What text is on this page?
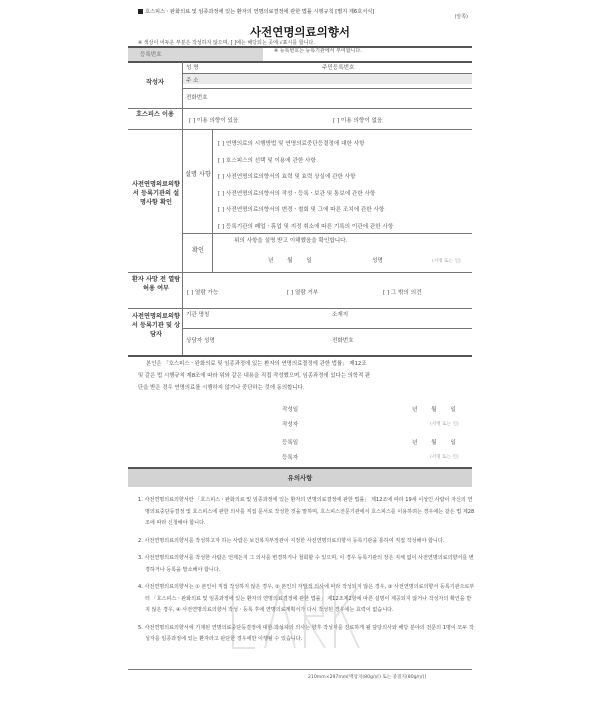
호스피스ㆍ완화의료 및 임종과정에 있는 환자의 연명의료결정에 관한 법률 시행규칙 [별지 제6호서식]
(앞쪽)
사전연명의료의향서
※ 색상이 어두운 부분은 작성하지 않으며, [ ]에는 해당되는 곳에 √표시를 합니다.
※ 등록번호는 등록기관에서 부여합니다.
등록번호
작성자
성 명	주민등록번호
주 소
전화번호
호스피스 이용
[ ] 이용 의향이 있음	[ ] 이용 의향이 없음
사전연명의료의향서 등록기관의 설명사항 확인
설명 사항
[ ] 연명의료의 시행방법 및 연명의료중단등결정에 대한 사항
[ ] 호스피스의 선택 및 이용에 관한 사항
[ ] 사전연명의료의향서의 효력 및 효력 상실에 관한 사항
[ ] 사전연명의료의향서의 작성ㆍ등록ㆍ보관 및 통보에 관한 사항
[ ] 사전연명의료의향서의 변경ㆍ철회 및 그에 따른 조치에 관한 사항
[ ] 등록기관의 폐업ㆍ휴업 및 지정 취소에 따른 기록의 이관에 관한 사항
확인
위의 사항을 설명 받고 이해했음을 확인합니다.
년 월 일	성명	(서명 또는 인)
환자 사망 전 열람허용 여부
[ ] 열람 가능	[ ] 열람 거부	[ ] 그 밖의 의견
사전연명의료의향서 등록기관 및 상담자
기관 명칭	소재지
상담자 성명	전화번호
본인은 「호스피스ㆍ완화의료 및 임종과정에 있는 환자의 연명의료결정에 관한 법률」 제12조
및 같은 법 시행규칙 제8조에 따라 위와 같은 내용을 직접 작성했으며, 임종과정에 있다는 의학적 판
단을 받은 경우 연명의료를 시행하지 않거나 중단하는 것에 동의합니다.
작성일	년 월 일
작성자	(서명 또는 인)
등록일	년 월 일
등록자	(서명 또는 인)
유의사항

1. 사전연명의료의향서란 「호스피스ㆍ완화의료 및 임종과정에 있는 환자의 연명의료결정에 관한 법률」 제12조에 따라 19세 이상인 사람이 자신의 연명의료중단등결정 및 호스피스에 관한 의사를 직접 문서로 작성한 것을 말하며, 호스피스전문기관에서 호스피스를 이용하려는 경우에는 같은 법 제28조에 따라 신청해야 합니다.

2. 사전연명의료의향서를 작성하고자 하는 사람은 보건복지부장관이 지정한 사전연명의료의향서 등록기관을 통하여 직접 작성해야 합니다.

3. 사전연명의료의향서를 작성한 사람은 언제든지 그 의사를 변경하거나 철회할 수 있으며, 이 경우 등록기관의 장은 지체 없이 사전연명의료의향서를 변경하거나 등록을 말소해야 합니다.

4. 사전연명의료의향서는 ① 본인이 직접 작성하지 않은 경우, ② 본인의 자발적 의사에 따라 작성되지 않은 경우, ③ 사전연명의료의향서 등록기관으로부터 「호스피스ㆍ완화의료 및 임종과정에 있는 환자의 연명의료결정에 관한 법률」 제12조제2항에 따른 설명이 제공되지 않거나 작성자의 확인을 받지 않은 경우, ④ 사전연명의료의향서 작성ㆍ등록 후에 연명의료계획서가 다시 작성된 경우에는 효력이 없습니다.

5. 사전연명의료의향서에 기재된 연명의료중단등결정에 대한 작성자의 의사는 향후 작성자를 진료하게 될 담당의사와 해당 분야의 전문의 1명이 모두 작성자를 임종과정에 있는 환자라고 판단한 경우에만 이행될 수 있습니다.

210mm×297mm[백상지(80g/㎡) 또는 중질지(80g/㎡)]
